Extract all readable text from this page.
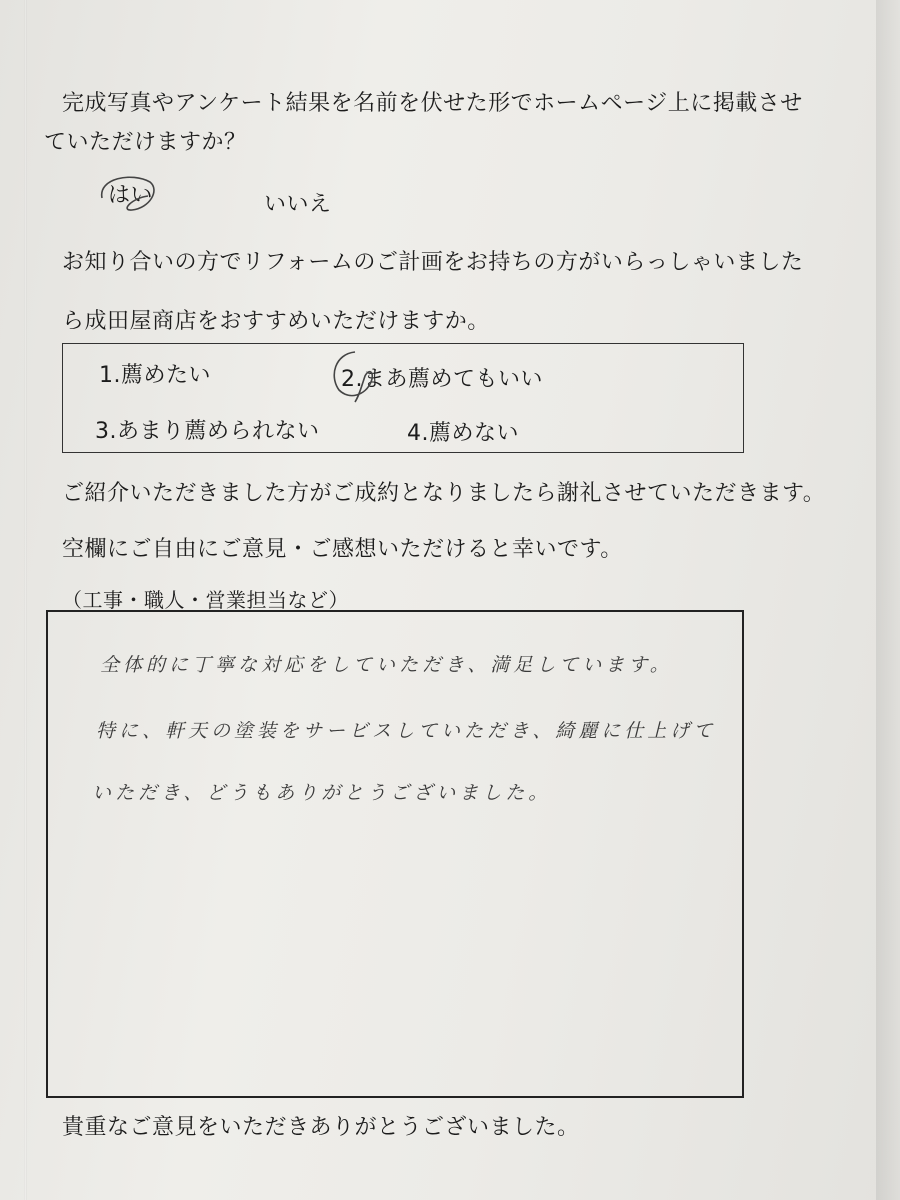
完成写真やアンケート結果を名前を伏せた形でホームページ上に掲載させ
ていただけますか？
はい	いいえ
お知り合いの方でリフォームのご計画をお持ちの方がいらっしゃいました
ら成田屋商店をおすすめいただけますか。
1.薦めたい	2.まあ薦めてもいい
3.あまり薦められない	4.薦めない
ご紹介いただきました方がご成約となりましたら謝礼させていただきます。
空欄にご自由にご意見・ご感想いただけると幸いです。
（工事・職人・営業担当など）
全体的に丁寧な対応をしていただき、満足しています。
特に、軒天の塗装をサービスしていただき、綺麗に仕上げて
いただき、どうもありがとうございました。
貴重なご意見をいただきありがとうございました。
